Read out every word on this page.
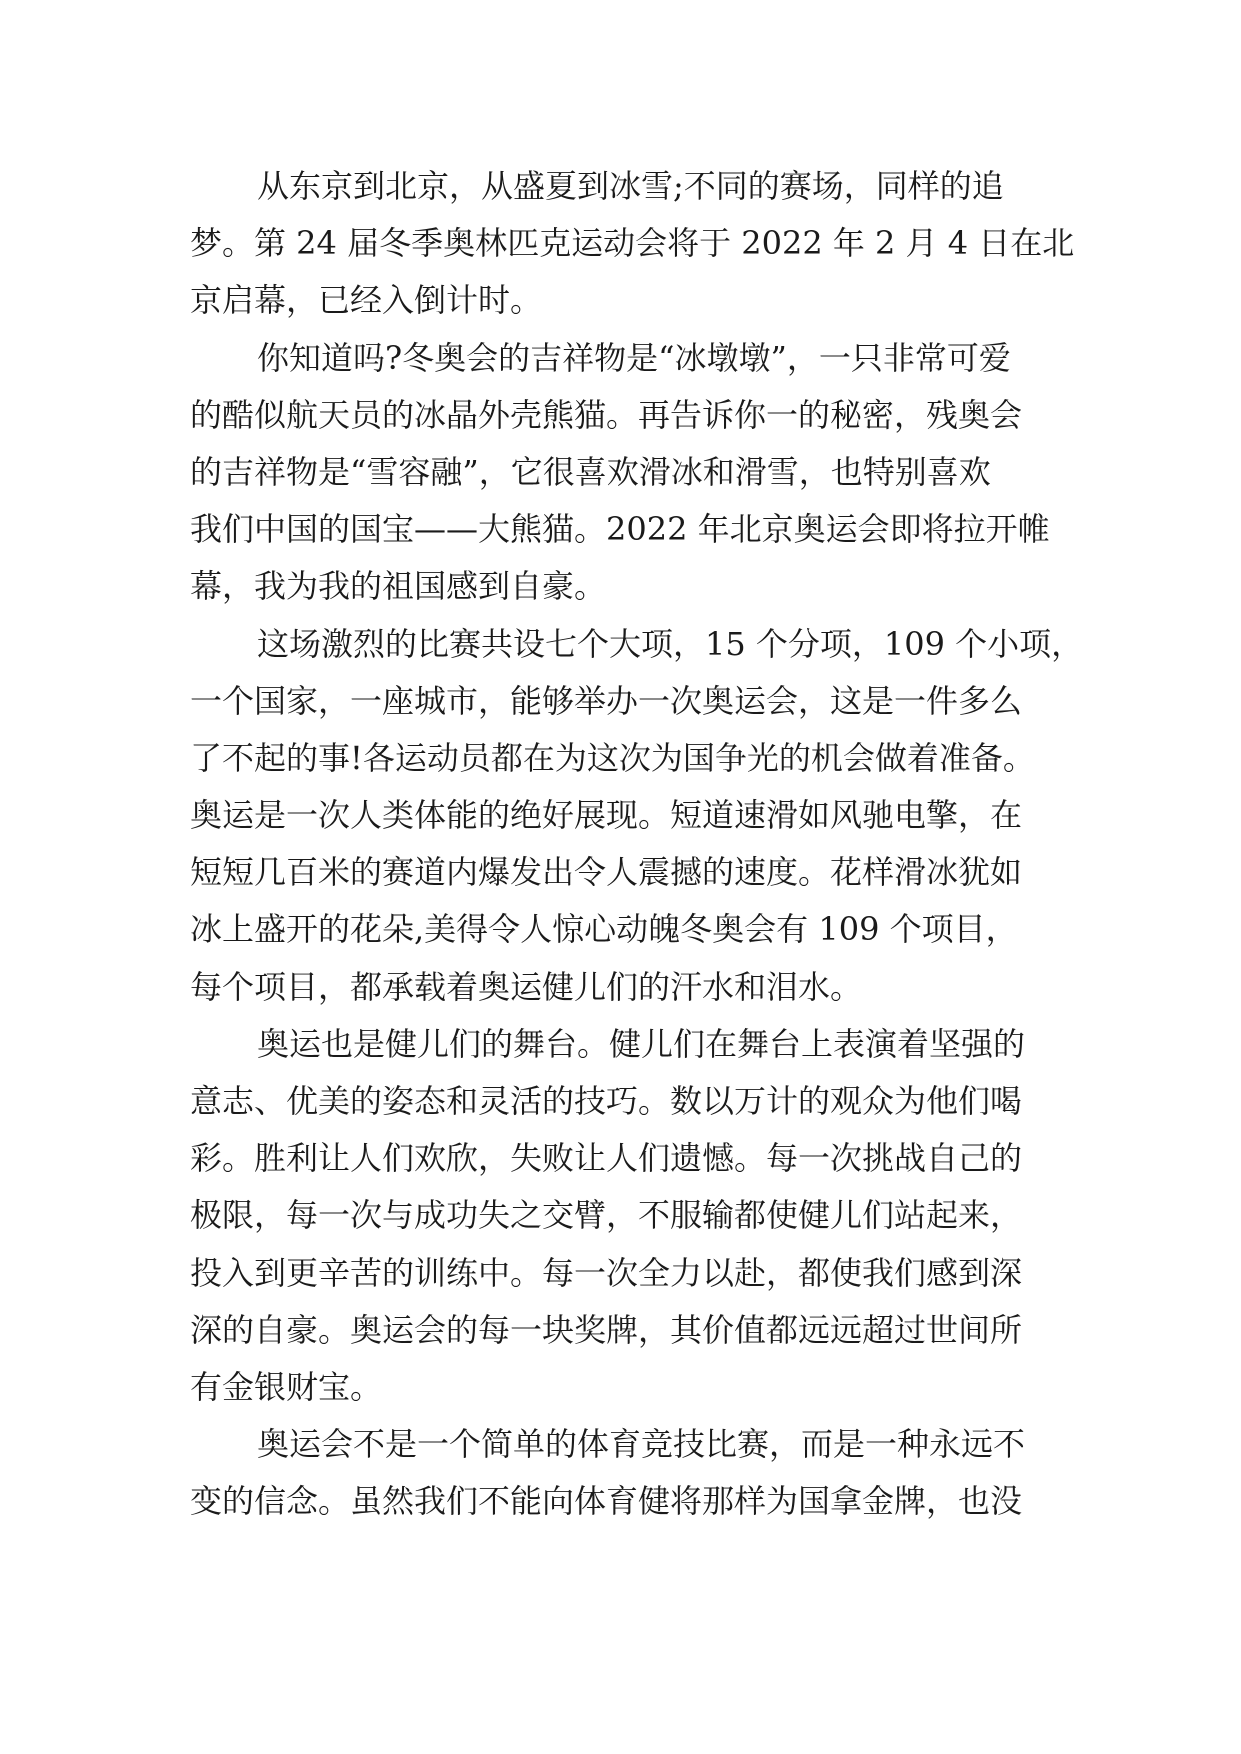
从东京到北京，从盛夏到冰雪;不同的赛场，同样的追
梦。第 24 届冬季奥林匹克运动会将于 2022 年 2 月 4 日在北
京启幕，已经入倒计时。
你知道吗?冬奥会的吉祥物是“冰墩墩”，一只非常可爱
的酷似航天员的冰晶外壳熊猫。再告诉你一的秘密，残奥会
的吉祥物是“雪容融”，它很喜欢滑冰和滑雪，也特别喜欢
我们中国的国宝——大熊猫。2022 年北京奥运会即将拉开帷
幕，我为我的祖国感到自豪。
这场激烈的比赛共设七个大项，15 个分项，109 个小项，
一个国家，一座城市，能够举办一次奥运会，这是一件多么
了不起的事!各运动员都在为这次为国争光的机会做着准备。
奥运是一次人类体能的绝好展现。短道速滑如风驰电擎，在
短短几百米的赛道内爆发出令人震撼的速度。花样滑冰犹如
冰上盛开的花朵,美得令人惊心动魄冬奥会有 109 个项目，
每个项目，都承载着奥运健儿们的汗水和泪水。
奥运也是健儿们的舞台。健儿们在舞台上表演着坚强的
意志、优美的姿态和灵活的技巧。数以万计的观众为他们喝
彩。胜利让人们欢欣，失败让人们遗憾。每一次挑战自己的
极限，每一次与成功失之交臂，不服输都使健儿们站起来，
投入到更辛苦的训练中。每一次全力以赴，都使我们感到深
深的自豪。奥运会的每一块奖牌，其价值都远远超过世间所
有金银财宝。
奥运会不是一个简单的体育竞技比赛，而是一种永远不
变的信念。虽然我们不能向体育健将那样为国拿金牌，也没
